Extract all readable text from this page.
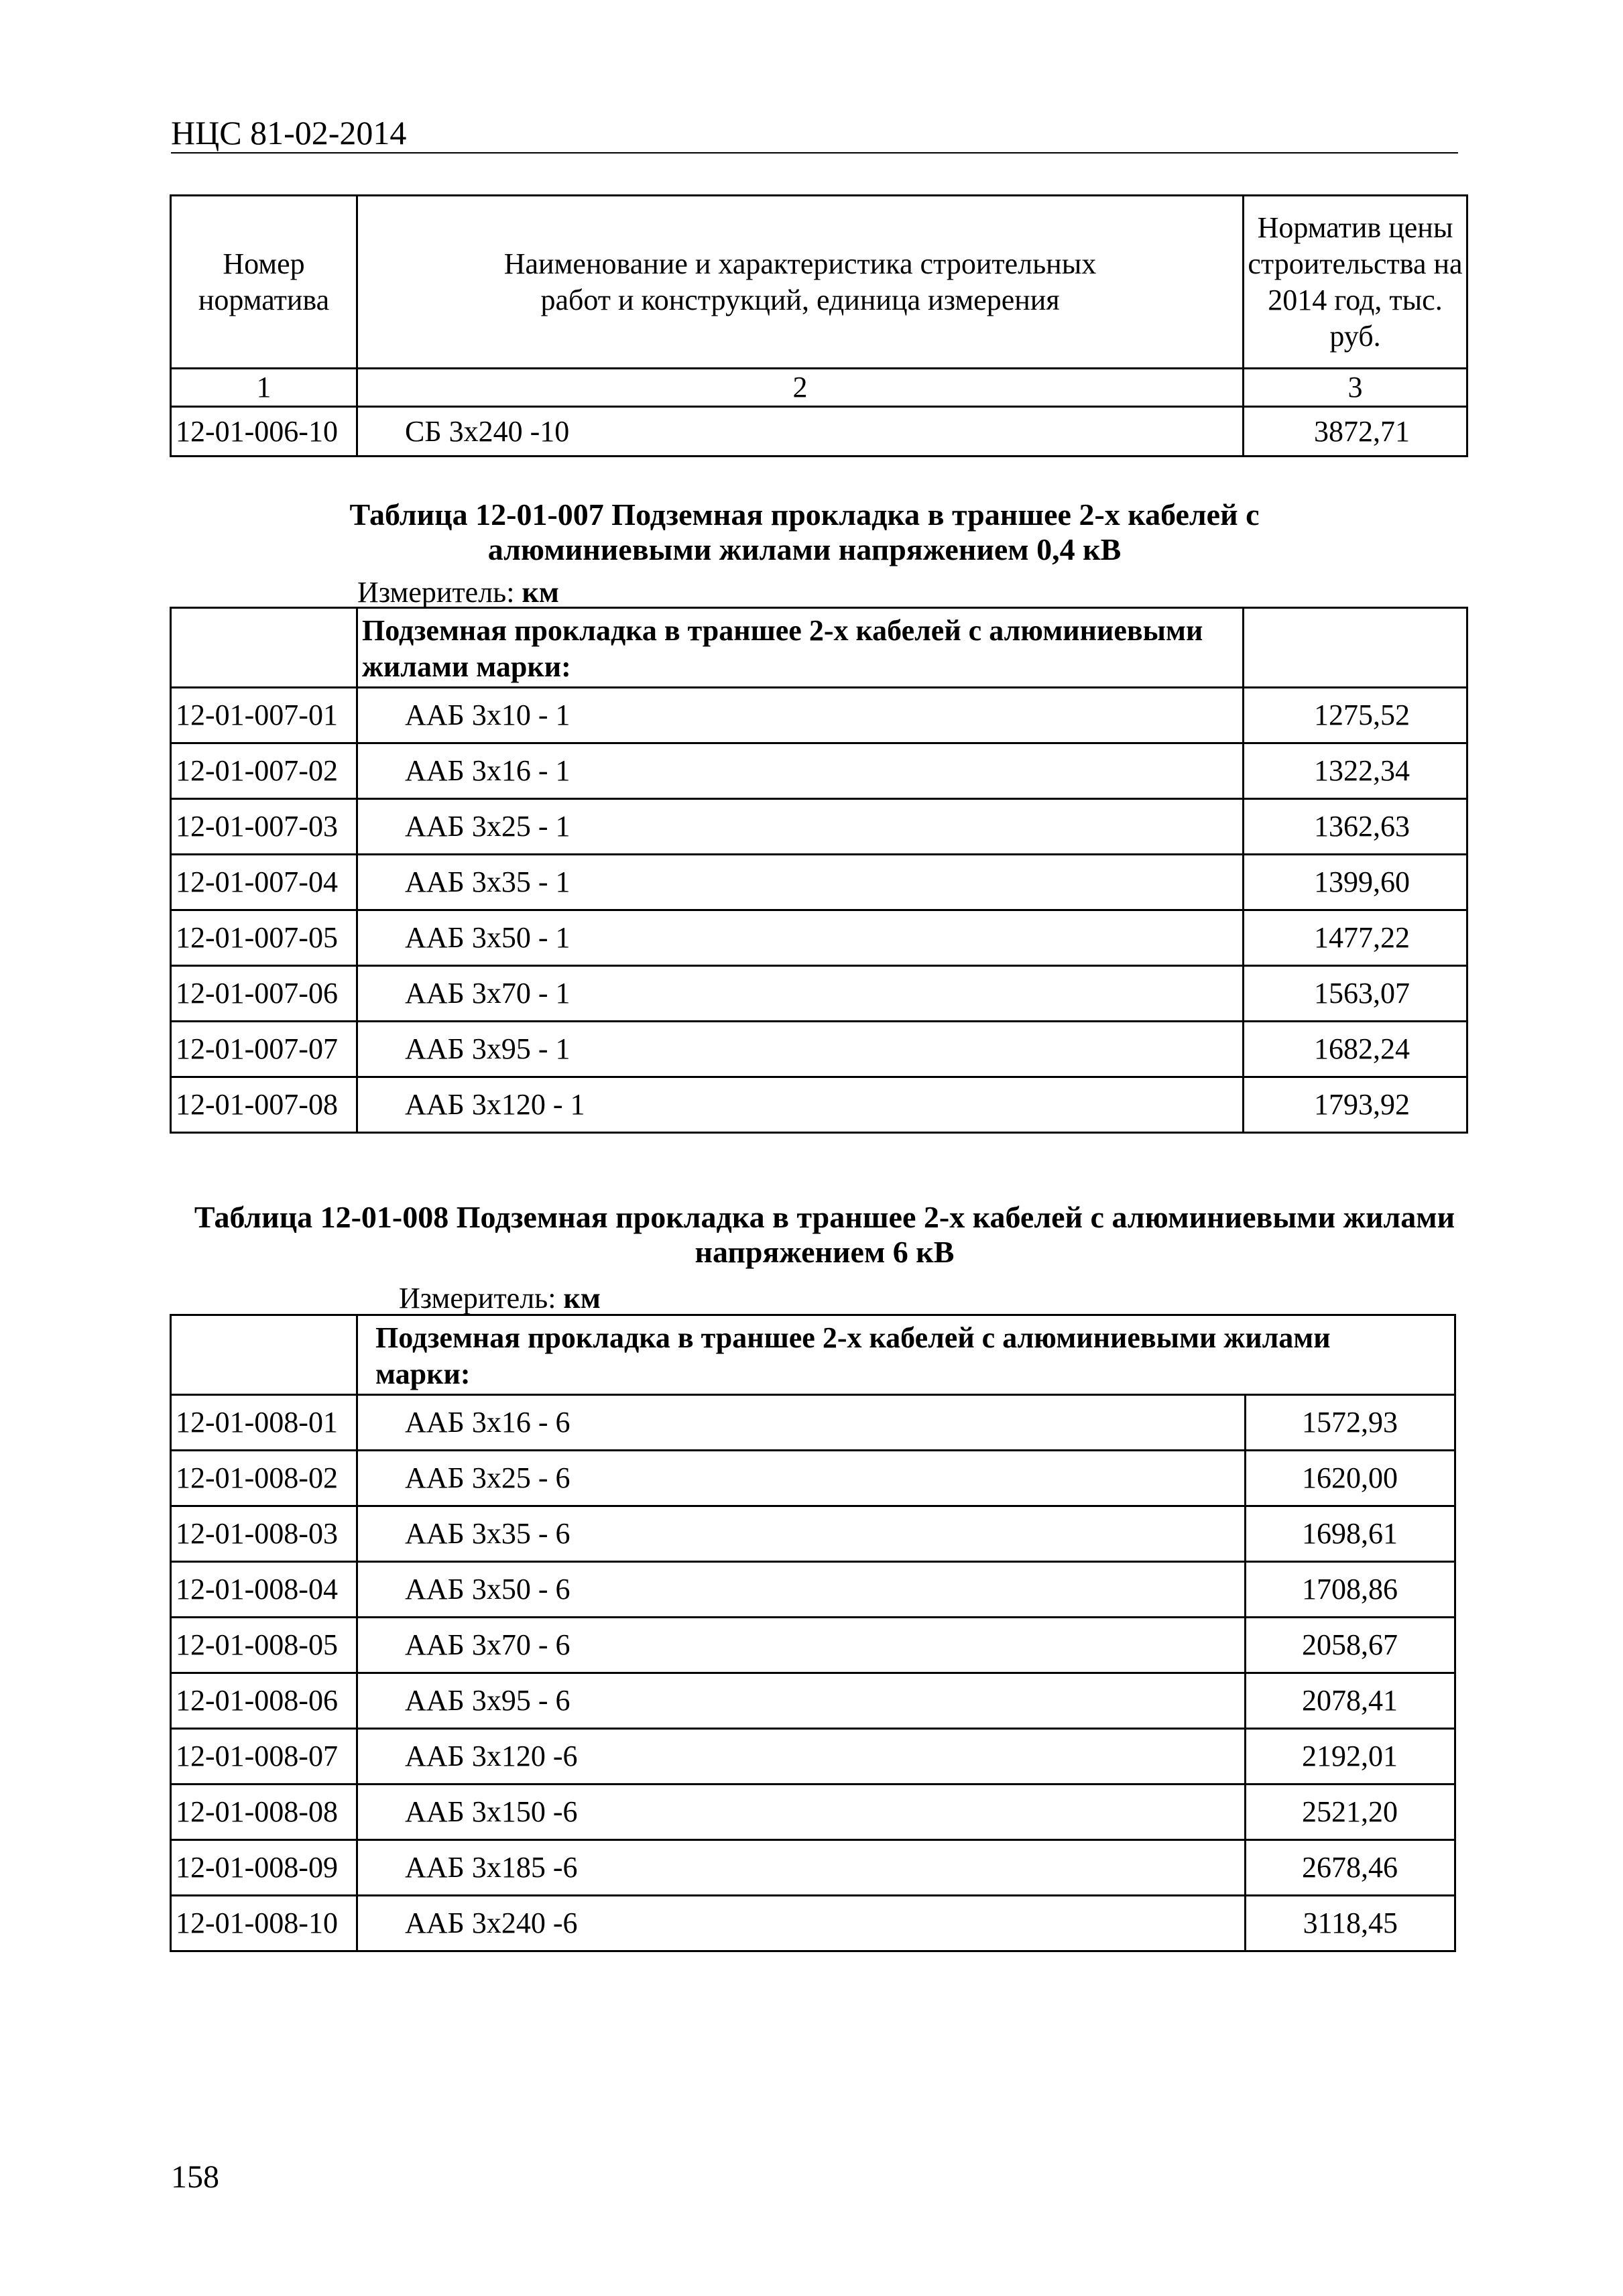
НЦС 81-02-2014
Номер норматива	Наименование и характеристика строительных работ и конструкций, единица измерения	Норматив цены строительства на 2014 год, тыс. руб.
1	2	3
12-01-006-10	СБ 3х240 -10	3872,71
Таблица 12-01-007 Подземная прокладка в траншее 2-х кабелей с
алюминиевыми жилами напряжением 0,4 кВ
Измеритель: км
	Подземная прокладка в траншее 2-х кабелей с алюминиевыми жилами марки:	
12-01-007-01	ААБ 3х10 - 1	1275,52
12-01-007-02	ААБ 3х16 - 1	1322,34
12-01-007-03	ААБ 3х25 - 1	1362,63
12-01-007-04	ААБ 3х35 - 1	1399,60
12-01-007-05	ААБ 3х50 - 1	1477,22
12-01-007-06	ААБ 3х70 - 1	1563,07
12-01-007-07	ААБ 3х95 - 1	1682,24
12-01-007-08	ААБ 3х120 - 1	1793,92
Таблица 12-01-008 Подземная прокладка в траншее 2-х кабелей с алюминиевыми жилами
напряжением 6 кВ
Измеритель: км
	Подземная прокладка в траншее 2-х кабелей с алюминиевыми жилами марки:	
12-01-008-01	ААБ 3х16 - 6	1572,93
12-01-008-02	ААБ 3х25 - 6	1620,00
12-01-008-03	ААБ 3х35 - 6	1698,61
12-01-008-04	ААБ 3х50 - 6	1708,86
12-01-008-05	ААБ 3х70 - 6	2058,67
12-01-008-06	ААБ 3х95 - 6	2078,41
12-01-008-07	ААБ 3х120 -6	2192,01
12-01-008-08	ААБ 3х150 -6	2521,20
12-01-008-09	ААБ 3х185 -6	2678,46
12-01-008-10	ААБ 3х240 -6	3118,45
158
